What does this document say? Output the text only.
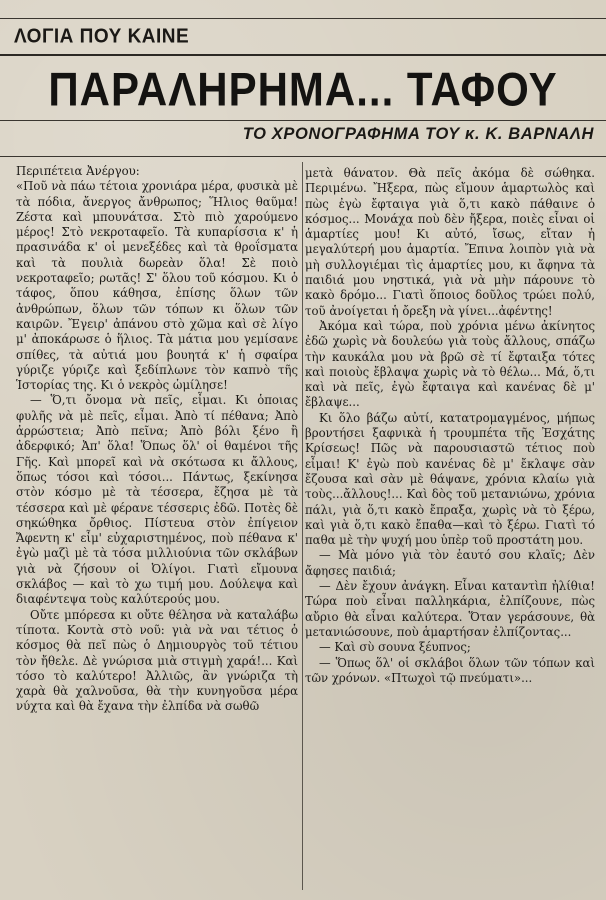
ΛΟΓΙΑ ΠΟΥ ΚΑΙΝΕ
ΠΑΡΑΛΗΡΗΜΑ... ΤΑΦΟΥ
ΤΟ ΧΡΟΝΟΓΡΑΦΗΜΑ ΤΟΥ κ. Κ. ΒΑΡΝΑΛΗ

Περιπέτεια Ἀνέργου:

«Ποῦ νὰ πάω τέτοια χρονιάρα μέρα, φυσικὰ μὲ τὰ πόδια, ἄνεργος ἄνθρωπος; Ἥλιος θαῦμα! Ζέστα καὶ μπουνάτσα. Στὸ πιὸ χαρούμενο μέρος! Στὸ νεκροταφεῖο. Τὰ κυπαρίσσια κ' ἡ πρασινάδα κ' οἱ μενεξέδες καὶ τὰ θροΐσματα καὶ τὰ πουλιὰ δωρεὰν ὅλα! Σὲ ποιὸ νεκροταφεῖο; ρωτᾶς! Σ' ὅλου τοῦ κόσμου. Κι ὁ τάφος, ὅπου κάθησα, ἐπίσης ὅλων τῶν ἀνθρώπων, ὅλων τῶν τόπων κι ὅλων τῶν καιρῶν. Ἔγειρ' ἀπάνου στὸ χῶμα καὶ σὲ λίγο μ' ἀποκάρωσε ὁ ἥλιος. Τὰ μάτια μου γεμίσανε σπίθες, τὰ αὐτιά μου βουητά κ' ἡ σφαίρα γύριζε γύριζε καὶ ξεδίπλωνε τὸν καπνὸ τῆς Ἱστορίας της. Κι ὁ νεκρὸς ὡμίλησε!

— Ὅ,τι ὄνομα νὰ πεῖς, εἶμαι. Κι ὁποιας φυλῆς νὰ μὲ πεῖς, εἶμαι. Ἀπὸ τί πέθανα; Ἀπὸ ἀρρώστεια; Ἀπὸ πεῖνα; Ἀπὸ βόλι ξένο ἢ ἀδερφικό; Ἀπ' ὅλα! Ὅπως ὅλ' οἱ θαμένοι τῆς Γῆς. Καὶ μπορεῖ καὶ νὰ σκότωσα κι ἄλλους, ὅπως τόσοι καὶ τόσοι... Πάντως, ξεκίνησα στὸν κόσμο μὲ τὰ τέσσερα, ἔζησα μὲ τὰ τέσσερα καὶ μὲ φέρανε τέσσερις ἐδῶ. Ποτὲς δὲ σηκώθηκα ὄρθιος. Πίστευα στὸν ἐπίγειον Ἄφεντη κ' εἶμ' εὐχαριστημένος, ποὺ πέθανα κ' ἐγὼ μαζὶ μὲ τὰ τόσα μιλλιούνια τῶν σκλάβων γιὰ νὰ ζήσουν οἱ Ὀλίγοι. Γιατὶ εἴμουνα σκλάβος — καὶ τὸ χω τιμή μου. Δούλεψα καὶ διαφέντεψα τοὺς καλύτερούς μου.

Οὔτε μπόρεσα κι οὔτε θέλησα νὰ καταλάβω τίποτα. Κοντὰ στὸ νοῦ: γιὰ νὰ ναι τέτιος ὁ κόσμος θὰ πεῖ πὼς ὁ Δημιουργὸς τοῦ τέτιου τὸν ἤθελε. Δὲ γνώρισα μιὰ στιγμὴ χαρά!... Καὶ τόσο τὸ καλύτερο! Ἀλλιῶς, ἂν γνώριζα τὴ χαρὰ θὰ χαλνοῦσα, θὰ τὴν κυνηγοῦσα μέρα νύχτα καὶ θὰ ἔχανα τὴν ἐλπίδα νὰ σωθῶ

μετὰ θάνατον. Θὰ πεῖς ἀκόμα δὲ σώθηκα. Περιμένω. Ἤξερα, πὼς εἴμουν ἁμαρτωλὸς καὶ πὼς ἐγὼ ἔφταιγα γιὰ ὅ,τι κακὸ πάθαινε ὁ κόσμος... Μονάχα ποὺ δὲν ἤξερα, ποιὲς εἶναι οἱ ἁμαρτίες μου! Κι αὐτό, ἴσως, εἴταν ἡ μεγαλύτερή μου ἁμαρτία. Ἔπινα λοιπὸν γιὰ νὰ μὴ συλλογιέμαι τὶς ἁμαρτίες μου, κι ἄφηνα τὰ παιδιά μου νηστικά, γιὰ νὰ μὴν πάρουνε τὸ κακὸ δρόμο... Γιατὶ ὅποιος δοῦλος τρώει πολύ, τοῦ ἀνοίγεται ἡ ὄρεξη νὰ γίνει...ἀφέντης!

Ἀκόμα καὶ τώρα, ποὺ χρόνια μένω ἀκίνητος ἐδῶ χωρὶς νὰ δουλεύω γιὰ τοὺς ἄλλους, σπάζω τὴν καυκάλα μου νὰ βρῶ σὲ τί ἔφταιξα τότες καὶ ποιοὺς ἔβλαψα χωρὶς νὰ τὸ θέλω... Μά, ὅ,τι καὶ νὰ πεῖς, ἐγὼ ἔφταιγα καὶ κανένας δὲ μ' ἔβλαψε...

Κι ὅλο βάζω αὐτί, κατατρομαγμένος, μήπως βροντήσει ξαφνικὰ ἡ τρουμπέτα τῆς Ἐσχάτης Κρίσεως! Πῶς νὰ παρουσιαστῶ τέτιος ποὺ εἶμαι! Κ' ἐγὼ ποὺ κανένας δὲ μ' ἔκλαψε σὰν ἔζουσα καὶ σὰν μὲ θάψανε, χρόνια κλαίω γιὰ τοὺς...ἄλλους!... Καὶ δὸς τοῦ μετανιώνω, χρόνια πάλι, γιὰ ὅ,τι κακὸ ἔπραξα, χωρὶς νὰ τὸ ξέρω, καὶ γιὰ ὅ,τι κακὸ ἔπαθα—καὶ τὸ ξέρω. Γιατὶ τό παθα μὲ τὴν ψυχή μου ὑπὲρ τοῦ προστάτη μου.

— Μὰ μόνο γιὰ τὸν ἑαυτό σου κλαῖς; Δὲν ἄφησες παιδιά;

— Δὲν ἔχουν ἀνάγκη. Εἶναι καταντὶπ ἠλίθια! Τώρα ποὺ εἶναι παλληκάρια, ἐλπίζουνε, πὼς αὔριο θὰ εἶναι καλύτερα. Ὅταν γεράσουνε, θὰ μετανιώσουνε, ποὺ ἁμαρτήσαν ἐλπίζοντας...

— Καὶ σὺ σουνα ξέυπνος;

— Ὅπως ὅλ' οἱ σκλάβοι ὅλων τῶν τόπων καὶ τῶν χρόνων. «Πτωχοὶ τῷ πνεύματι»...
